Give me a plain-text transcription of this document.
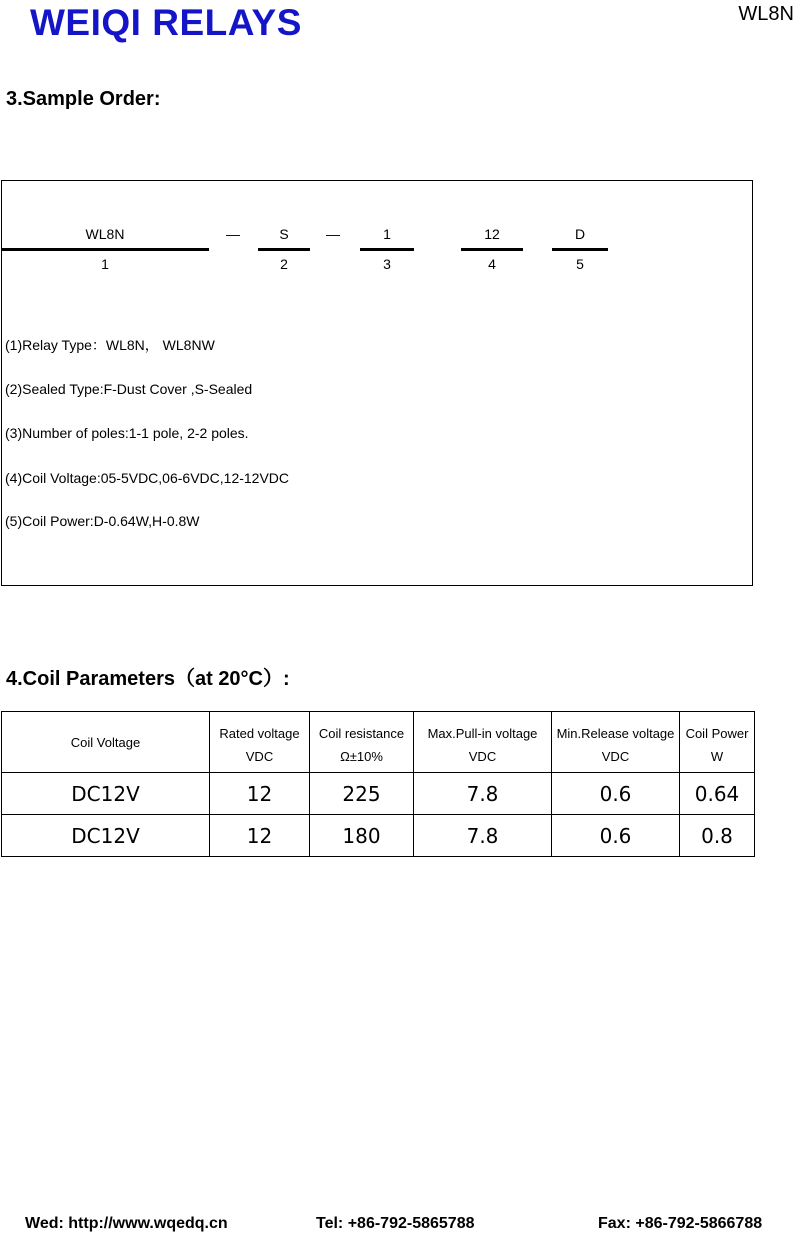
WEIQI RELAYS	WL8N
3.Sample Order:
WL8N
1
—	S
2
—	1
3
12
4
D
5
(1)Relay Type：WL8N， WL8NW
(2)Sealed Type:F-Dust Cover ,S-Sealed
(3)Number of poles:1-1 pole, 2-2 poles.
(4)Coil Voltage:05-5VDC,06-6VDC,12-12VDC
(5)Coil Power:D-0.64W,H-0.8W
4.Coil Parameters（at 20°C）:
Coil Voltage	Rated voltage	Coil resistance	Max.Pull-in voltage	Min.Release voltage	Coil Power
	VDC	Ω±10%	VDC	VDC	W
DC12V	12	225	7.8	0.6	0.64
DC12V	12	180	7.8	0.6	0.8
Wed: http://www.wqedq.cn	Tel: +86-792-5865788	Fax: +86-792-5866788
